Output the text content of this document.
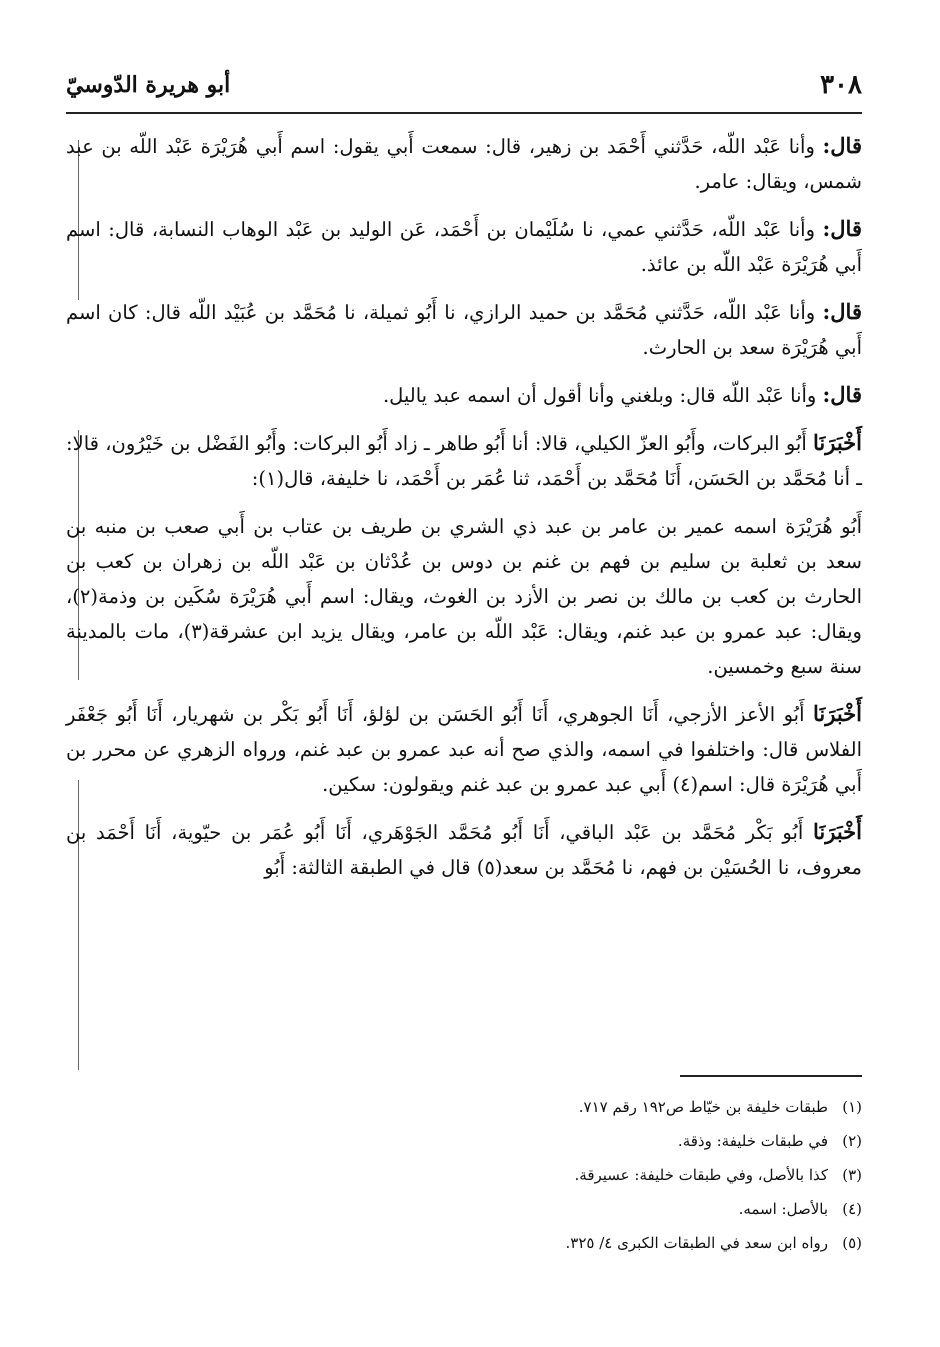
٣٠٨
أبو هريرة الدّوسيّ

قال: وأنا عَبْد اللّه، حَدَّثني أَحْمَد بن زهير، قال: سمعت أَبي يقول: اسم أَبي هُرَيْرَة عَبْد اللّه بن عبد شمس، ويقال: عامر.

قال: وأنا عَبْد اللّه، حَدَّثني عمي، نا سُلَيْمان بن أَحْمَد، عَن الوليد بن عَبْد الوهاب النسابة، قال: اسم أَبي هُرَيْرَة عَبْد اللّه بن عائذ.

قال: وأنا عَبْد اللّه، حَدَّثني مُحَمَّد بن حميد الرازي، نا أَبُو ثميلة، نا مُحَمَّد بن عُبَيْد اللّه قال: كان اسم أَبي هُرَيْرَة سعد بن الحارث.

قال: وأنا عَبْد اللّه قال: وبلغني وأنا أقول أن اسمه عبد ياليل.

أَخْبَرَنَا أَبُو البركات، وأَبُو العزّ الكيلي، قالا: أنا أَبُو طاهر ـ زاد أَبُو البركات: وأَبُو الفَضْل بن خَيْرُون، قالا: ـ أنا مُحَمَّد بن الحَسَن، أَنَا مُحَمَّد بن أَحْمَد، ثنا عُمَر بن أَحْمَد، نا خليفة، قال(١):

أَبُو هُرَيْرَة اسمه عمير بن عامر بن عبد ذي الشري بن طريف بن عتاب بن أَبي صعب بن منبه بن سعد بن ثعلبة بن سليم بن فهم بن غنم بن دوس بن عُدْثان بن عَبْد اللّه بن زهران بن كعب بن الحارث بن كعب بن مالك بن نصر بن الأزد بن الغوث، ويقال: اسم أَبي هُرَيْرَة سُكَين بن وذمة(٢)، ويقال: عبد عمرو بن عبد غنم، ويقال: عَبْد اللّه بن عامر، ويقال يزيد ابن عشرقة(٣)، مات بالمدينة سنة سبع وخمسين.

أَخْبَرَنَا أَبُو الأعز الأزجي، أَنَا الجوهري، أَنَا أَبُو الحَسَن بن لؤلؤ، أَنَا أَبُو بَكْر بن شهريار، أَنَا أَبُو جَعْفَر الفلاس قال: واختلفوا في اسمه، والذي صح أنه عبد عمرو بن عبد غنم، ورواه الزهري عن محرر بن أَبي هُرَيْرَة قال: اسم(٤) أَبي عبد عمرو بن عبد غنم ويقولون: سكين.

أَخْبَرَنَا أَبُو بَكْر مُحَمَّد بن عَبْد الباقي، أَنَا أَبُو مُحَمَّد الجَوْهَري، أَنَا أَبُو عُمَر بن حيّوية، أَنَا أَحْمَد بن معروف، نا الحُسَيْن بن فهم، نا مُحَمَّد بن سعد(٥) قال في الطبقة الثالثة: أَبُو

(١)طبقات خليفة بن خيّاط ص١٩٢ رقم ٧١٧.
(٢)في طبقات خليفة: وذقة.
(٣)كذا بالأصل، وفي طبقات خليفة: عسيرقة.
(٤)بالأصل: اسمه.
(٥)رواه ابن سعد في الطبقات الكبرى ٤/ ٣٢٥.
